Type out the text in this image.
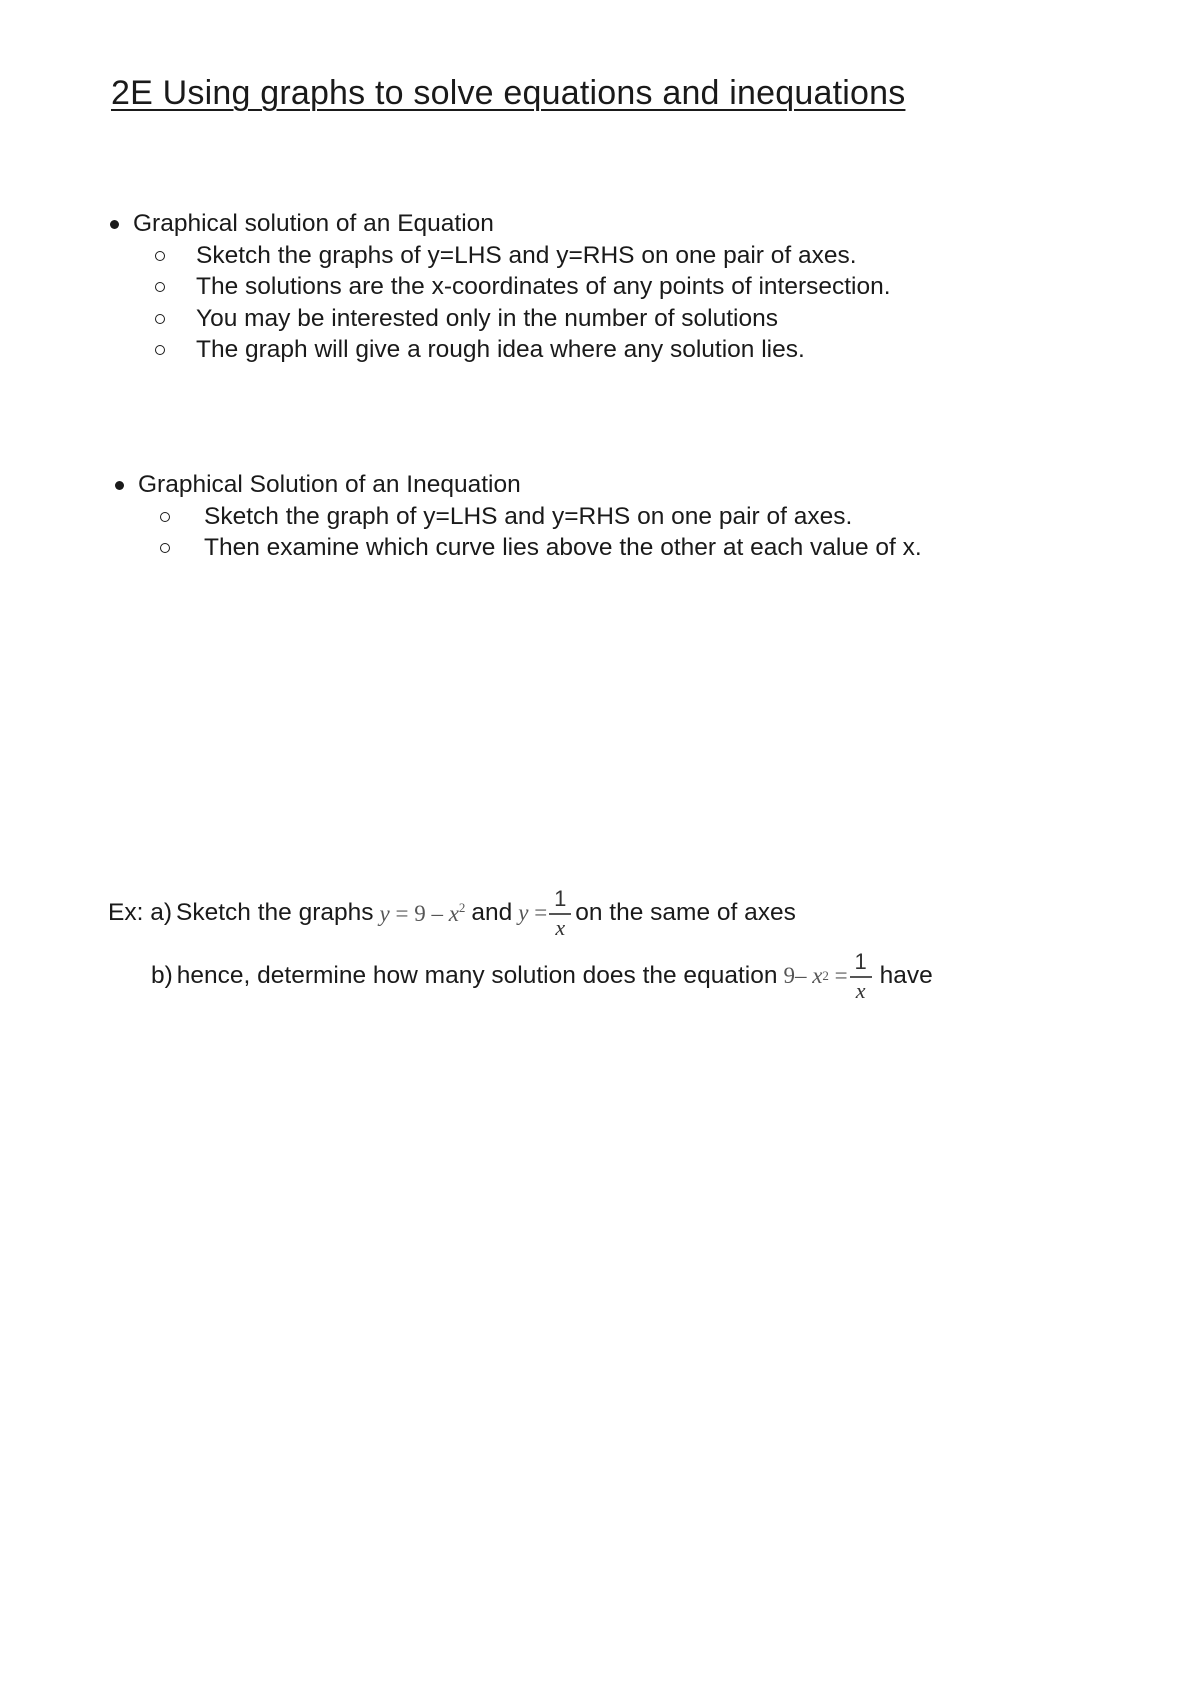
2E Using graphs to solve equations and inequations
Graphical solution of an Equation
Sketch the graphs of y=LHS and y=RHS on one pair of axes.
The solutions are the x-coordinates of any points of intersection.
You may be interested only in the number of solutions
The graph will give a rough idea where any solution lies.
Graphical Solution of an Inequation
Sketch the graph of y=LHS and y=RHS on one pair of axes.
Then examine which curve lies above the other at each value of x.
Ex: a) Sketch the graphs $y = 9 - x^2$ and y
= $\frac{1}{x}$ on the same of axes
b) hence, determine how many solution does the equation 9 – x 2
= $\frac{1}{x}$ have
